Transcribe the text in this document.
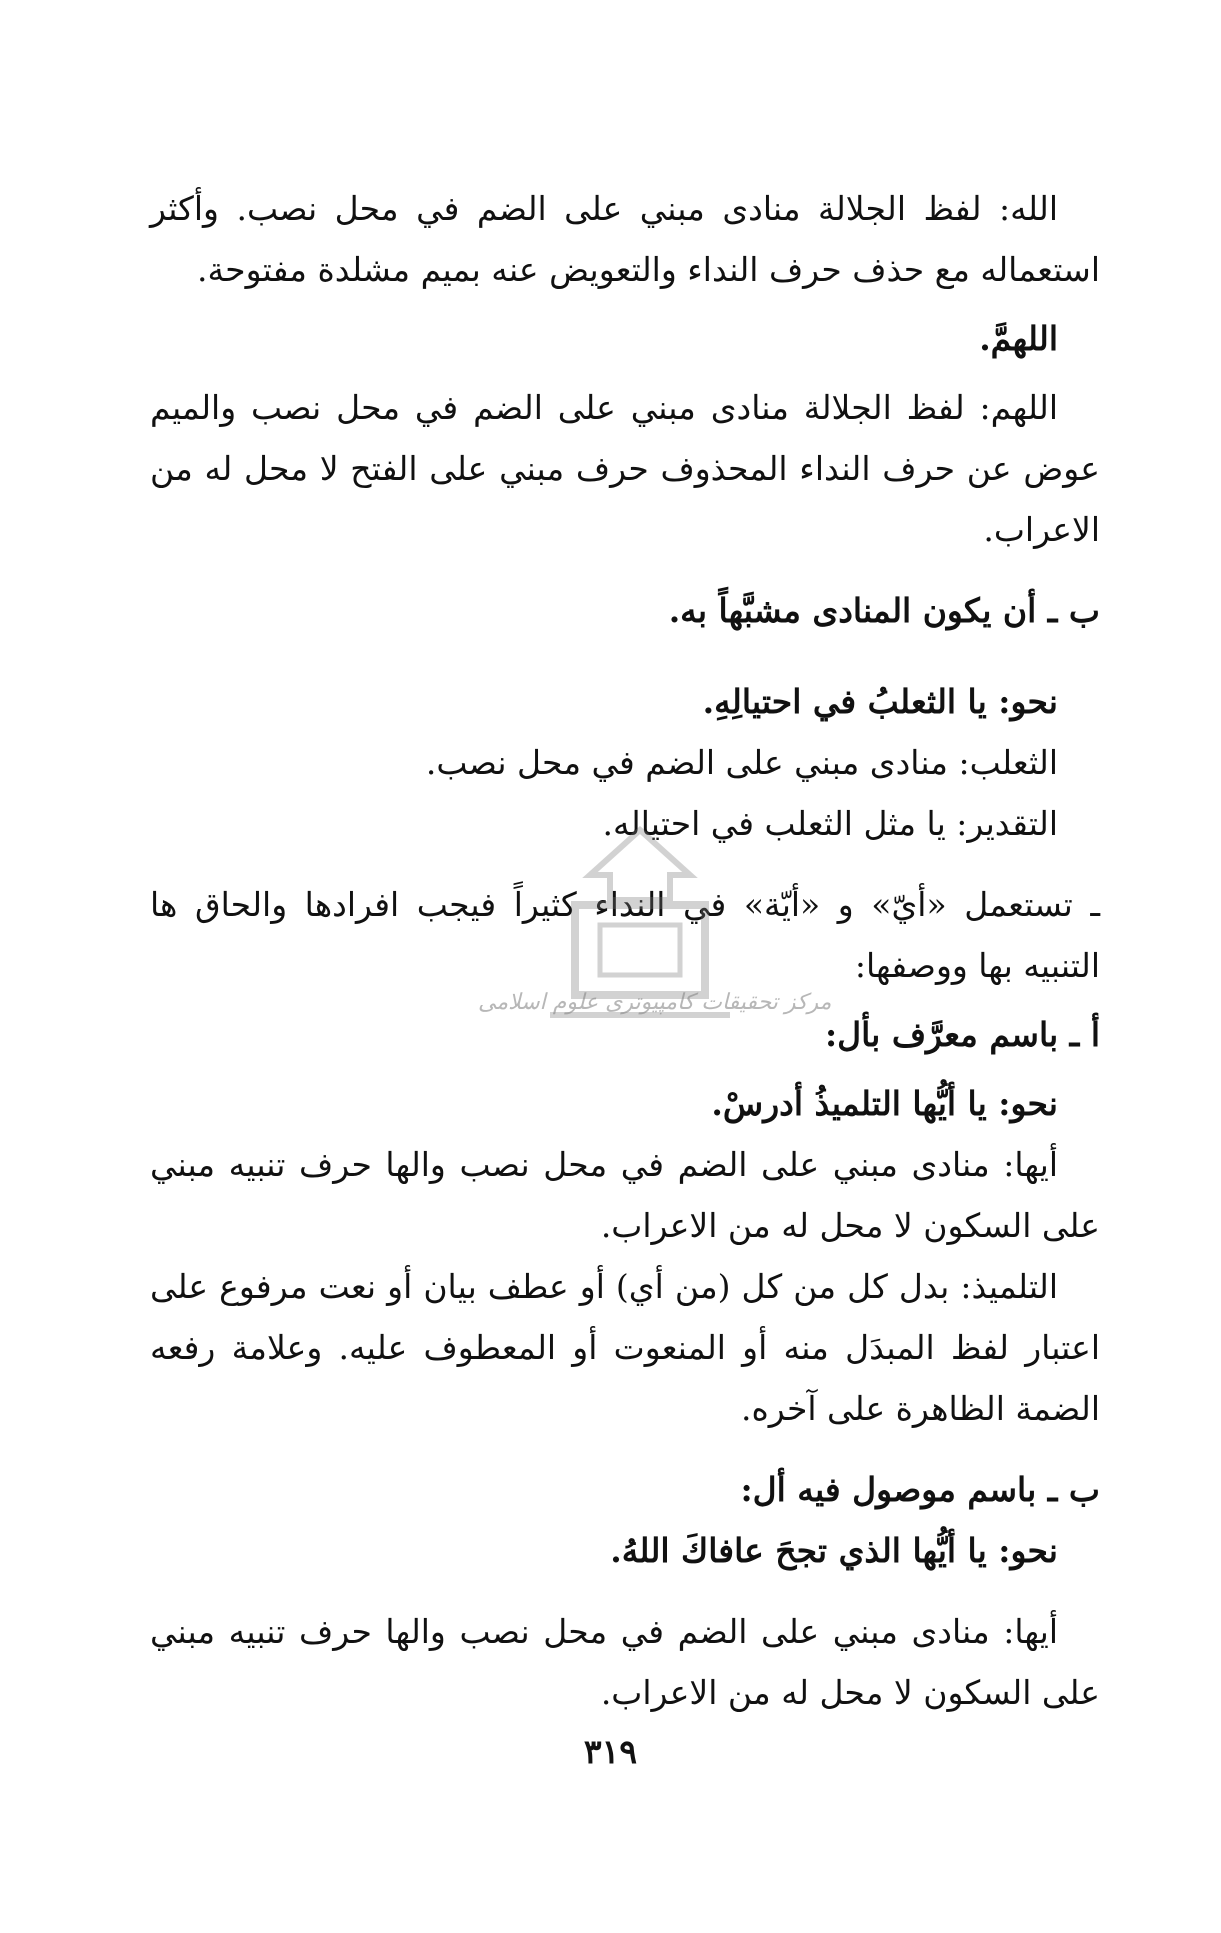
الله: لفظ الجلالة منادى مبني على الضم في محل نصب. وأكثر استعماله مع حذف حرف النداء والتعويض عنه بميم مشلدة مفتوحة.

اللهمَّ.

اللهم: لفظ الجلالة منادى مبني على الضم في محل نصب والميم عوض عن حرف النداء المحذوف حرف مبني على الفتح لا محل له من الاعراب.

ب ـ أن يكون المنادى مشبَّهاً به.

نحو: يا الثعلبُ في احتيالِهِ.

الثعلب: منادى مبني على الضم في محل نصب.

التقدير: يا مثل الثعلب في احتياله.

ـ تستعمل «أيّ» و «أيّة» في النداء كثيراً فيجب افرادها والحاق ها التنبيه بها ووصفها:

أ ـ باسم معرَّف بأل:

نحو: يا أيُّها التلميذُ أدرسْ.

أيها: منادى مبني على الضم في محل نصب والها حرف تنبيه مبني على السكون لا محل له من الاعراب.

التلميذ: بدل كل من كل (من أي) أو عطف بيان أو نعت مرفوع على اعتبار لفظ المبدَل منه أو المنعوت أو المعطوف عليه. وعلامة رفعه الضمة الظاهرة على آخره.

ب ـ باسم موصول فيه أل:

نحو: يا أيُّها الذي تجحَ عافاكَ اللهُ.

أيها: منادى مبني على الضم في محل نصب والها حرف تنبيه مبني على السكون لا محل له من الاعراب.

مرکز تحقیقات کامپیوتری علوم اسلامی
٣١٩
